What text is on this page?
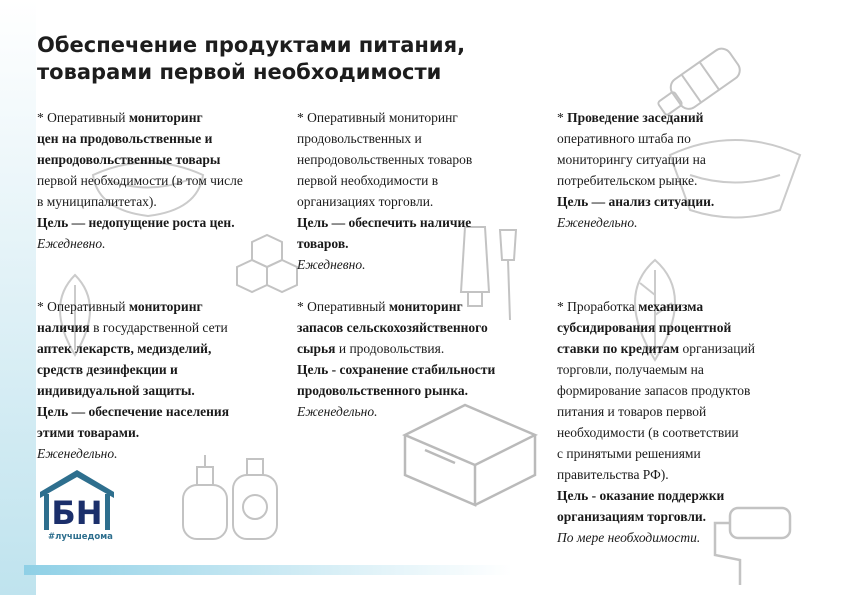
Обеспечение продуктами питания,
товарами первой необходимости

* Оперативный мониторинг

цен на продовольственные и

непродовольственные товары

первой необходимости (в том числе

в муниципалитетах).

Цель — недопущение роста цен.

Ежедневно.

* Оперативный мониторинг

продовольственных и

непродовольственных товаров

первой необходимости в

организациях торговли.

Цель — обеспечить наличие

товаров.

Ежедневно.

* Проведение заседаний

оперативного штаба по

мониторингу ситуации на

потребительском рынке.

Цель — анализ ситуации.

Еженедельно.

* Оперативный мониторинг

наличия в государственной сети

аптек лекарств, медизделий,

средств дезинфекции и

индивидуальной защиты.

Цель — обеспечение населения

этими товарами.

Еженедельно.

* Оперативный мониторинг

запасов сельскохозяйственного

сырья и продовольствия.

Цель - сохранение стабильности

продовольственного рынка.

Еженедельно.

* Проработка механизма

субсидирования процентной

ставки по кредитам организаций

торговли, получаемым на

формирование запасов продуктов

питания и товаров первой

необходимости (в соответствии

с принятыми решениями

правительства РФ).

Цель - оказание поддержки

организациям торговли.

По мере необходимости.

БН
#лучшедома
